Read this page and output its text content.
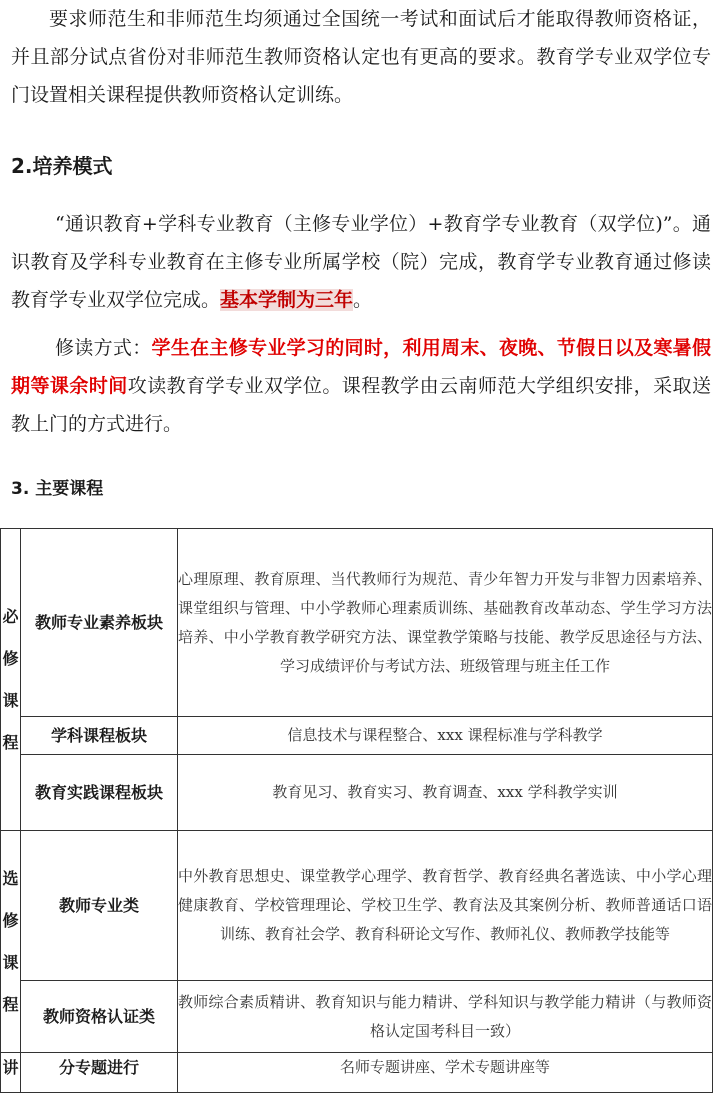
要求师范生和非师范生均须通过全国统一考试和面试后才能取得教师资格证，并且部分试点省份对非师范生教师资格认定也有更高的要求。教育学专业双学位专门设置相关课程提供教师资格认定训练。

2.培养模式

“通识教育+学科专业教育（主修专业学位）+教育学专业教育（双学位)”。通识教育及学科专业教育在主修专业所属学校（院）完成，教育学专业教育通过修读教育学专业双学位完成。基本学制为三年。

修读方式：学生在主修专业学习的同时，利用周末、夜晚、节假日以及寒暑假期等课余时间攻读教育学专业双学位。课程教学由云南师范大学组织安排，采取送教上门的方式进行。

3. 主要课程
必修课程	教师专业素养板块	心理原理、教育原理、当代教师行为规范、青少年智力开发与非智力因素培养、课堂组织与管理、中小学教师心理素质训练、基础教育改革动态、学生学习方法培养、中小学教育教学研究方法、课堂教学策略与技能、教学反思途径与方法、学习成绩评价与考试方法、班级管理与班主任工作
	学科课程板块	信息技术与课程整合、xxx 课程标准与学科教学
	教育实践课程板块	教育见习、教育实习、教育调查、xxx 学科教学实训
选修课程	教师专业类	中外教育思想史、课堂教学心理学、教育哲学、教育经典名著选读、中小学心理健康教育、学校管理理论、学校卫生学、教育法及其案例分析、教师普通话口语训练、教育社会学、教育科研论文写作、教师礼仪、教师教学技能等
	教师资格认证类	教师综合素质精讲、教育知识与能力精讲、学科知识与教学能力精讲（与教师资格认定国考科目一致）
讲	分专题进行	名师专题讲座、学术专题讲座等
